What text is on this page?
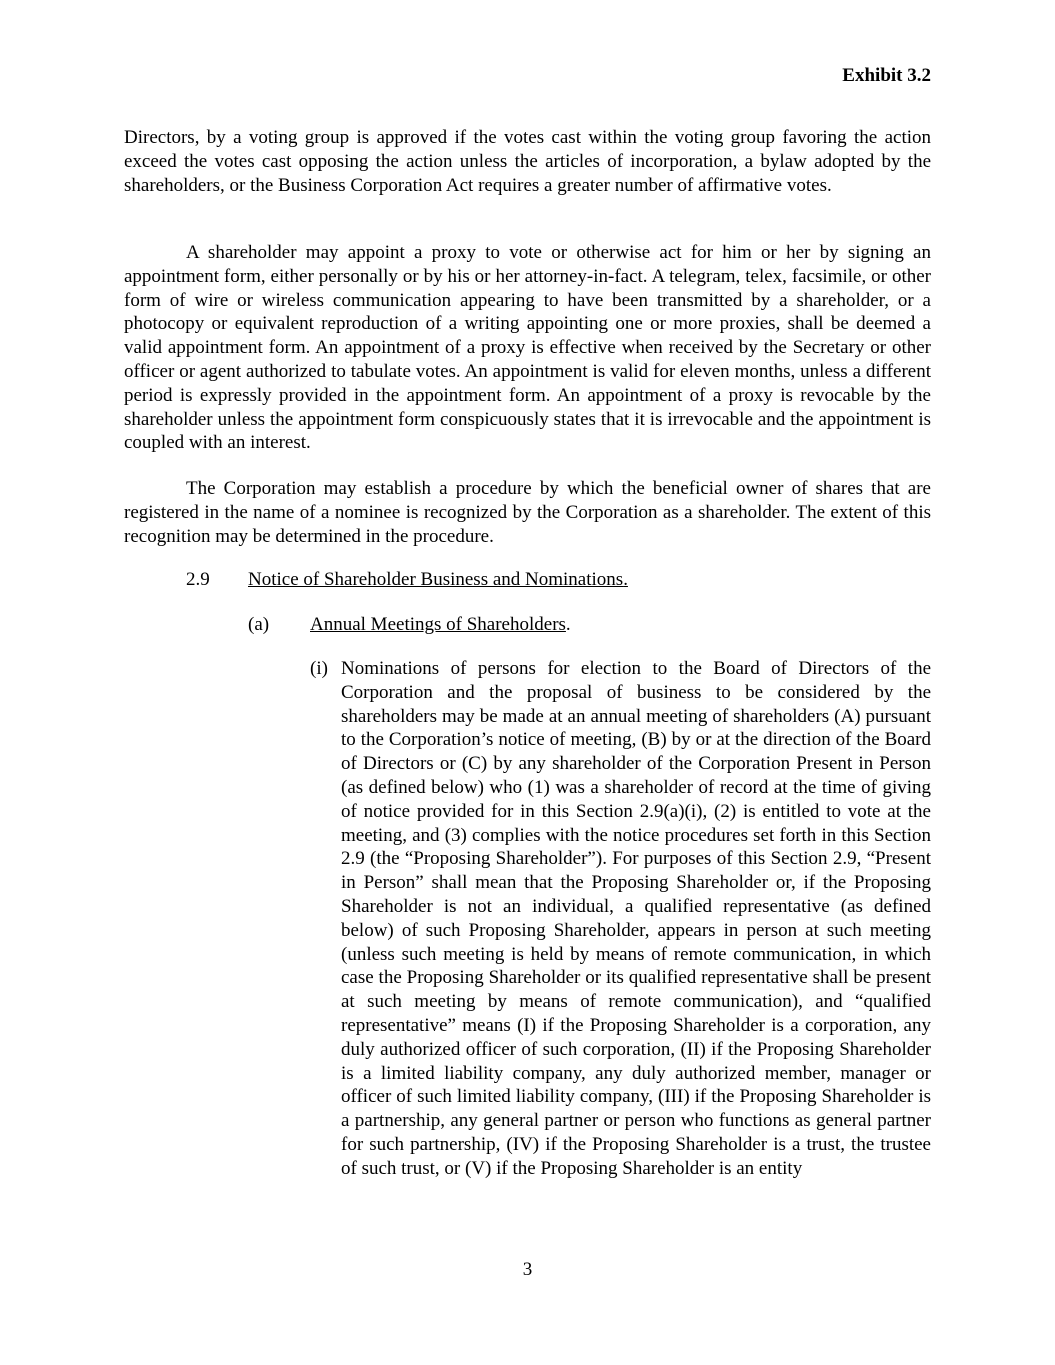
Exhibit 3.2

Directors, by a voting group is approved if the votes cast within the voting group favoring the action exceed the votes cast opposing the action unless the articles of incorporation, a bylaw adopted by the shareholders, or the Business Corporation Act requires a greater number of affirmative votes.

A shareholder may appoint a proxy to vote or otherwise act for him or her by signing an appointment form, either personally or by his or her attorney-in-fact. A telegram, telex, facsimile, or other form of wire or wireless communication appearing to have been transmitted by a shareholder, or a photocopy or equivalent reproduction of a writing appointing one or more proxies, shall be deemed a valid appointment form. An appointment of a proxy is effective when received by the Secretary or other officer or agent authorized to tabulate votes. An appointment is valid for eleven months, unless a different period is expressly provided in the appointment form. An appointment of a proxy is revocable by the shareholder unless the appointment form conspicuously states that it is irrevocable and the appointment is coupled with an interest.

The Corporation may establish a procedure by which the beneficial owner of shares that are registered in the name of a nominee is recognized by the Corporation as a shareholder. The extent of this recognition may be determined in the procedure.

2.9 Notice of Shareholder Business and Nominations.
(a) Annual Meetings of Shareholders.
(i) Nominations of persons for election to the Board of Directors of the Corporation and the proposal of business to be considered by the shareholders may be made at an annual meeting of shareholders (A) pursuant to the Corporation’s notice of meeting, (B) by or at the direction of the Board of Directors or (C) by any shareholder of the Corporation Present in Person (as defined below) who (1) was a shareholder of record at the time of giving of notice provided for in this Section 2.9(a)(i), (2) is entitled to vote at the meeting, and (3) complies with the notice procedures set forth in this Section 2.9 (the “Proposing Shareholder”). For purposes of this Section 2.9, “Present in Person” shall mean that the Proposing Shareholder or, if the Proposing Shareholder is not an individual, a qualified representative (as defined below) of such Proposing Shareholder, appears in person at such meeting (unless such meeting is held by means of remote communication, in which case the Proposing Shareholder or its qualified representative shall be present at such meeting by means of remote communication), and “qualified representative” means (I) if the Proposing Shareholder is a corporation, any duly authorized officer of such corporation, (II) if the Proposing Shareholder is a limited liability company, any duly authorized member, manager or officer of such limited liability company, (III) if the Proposing Shareholder is a partnership, any general partner or person who functions as general partner for such partnership, (IV) if the Proposing Shareholder is a trust, the trustee of such trust, or (V) if the Proposing Shareholder is an entity
3
